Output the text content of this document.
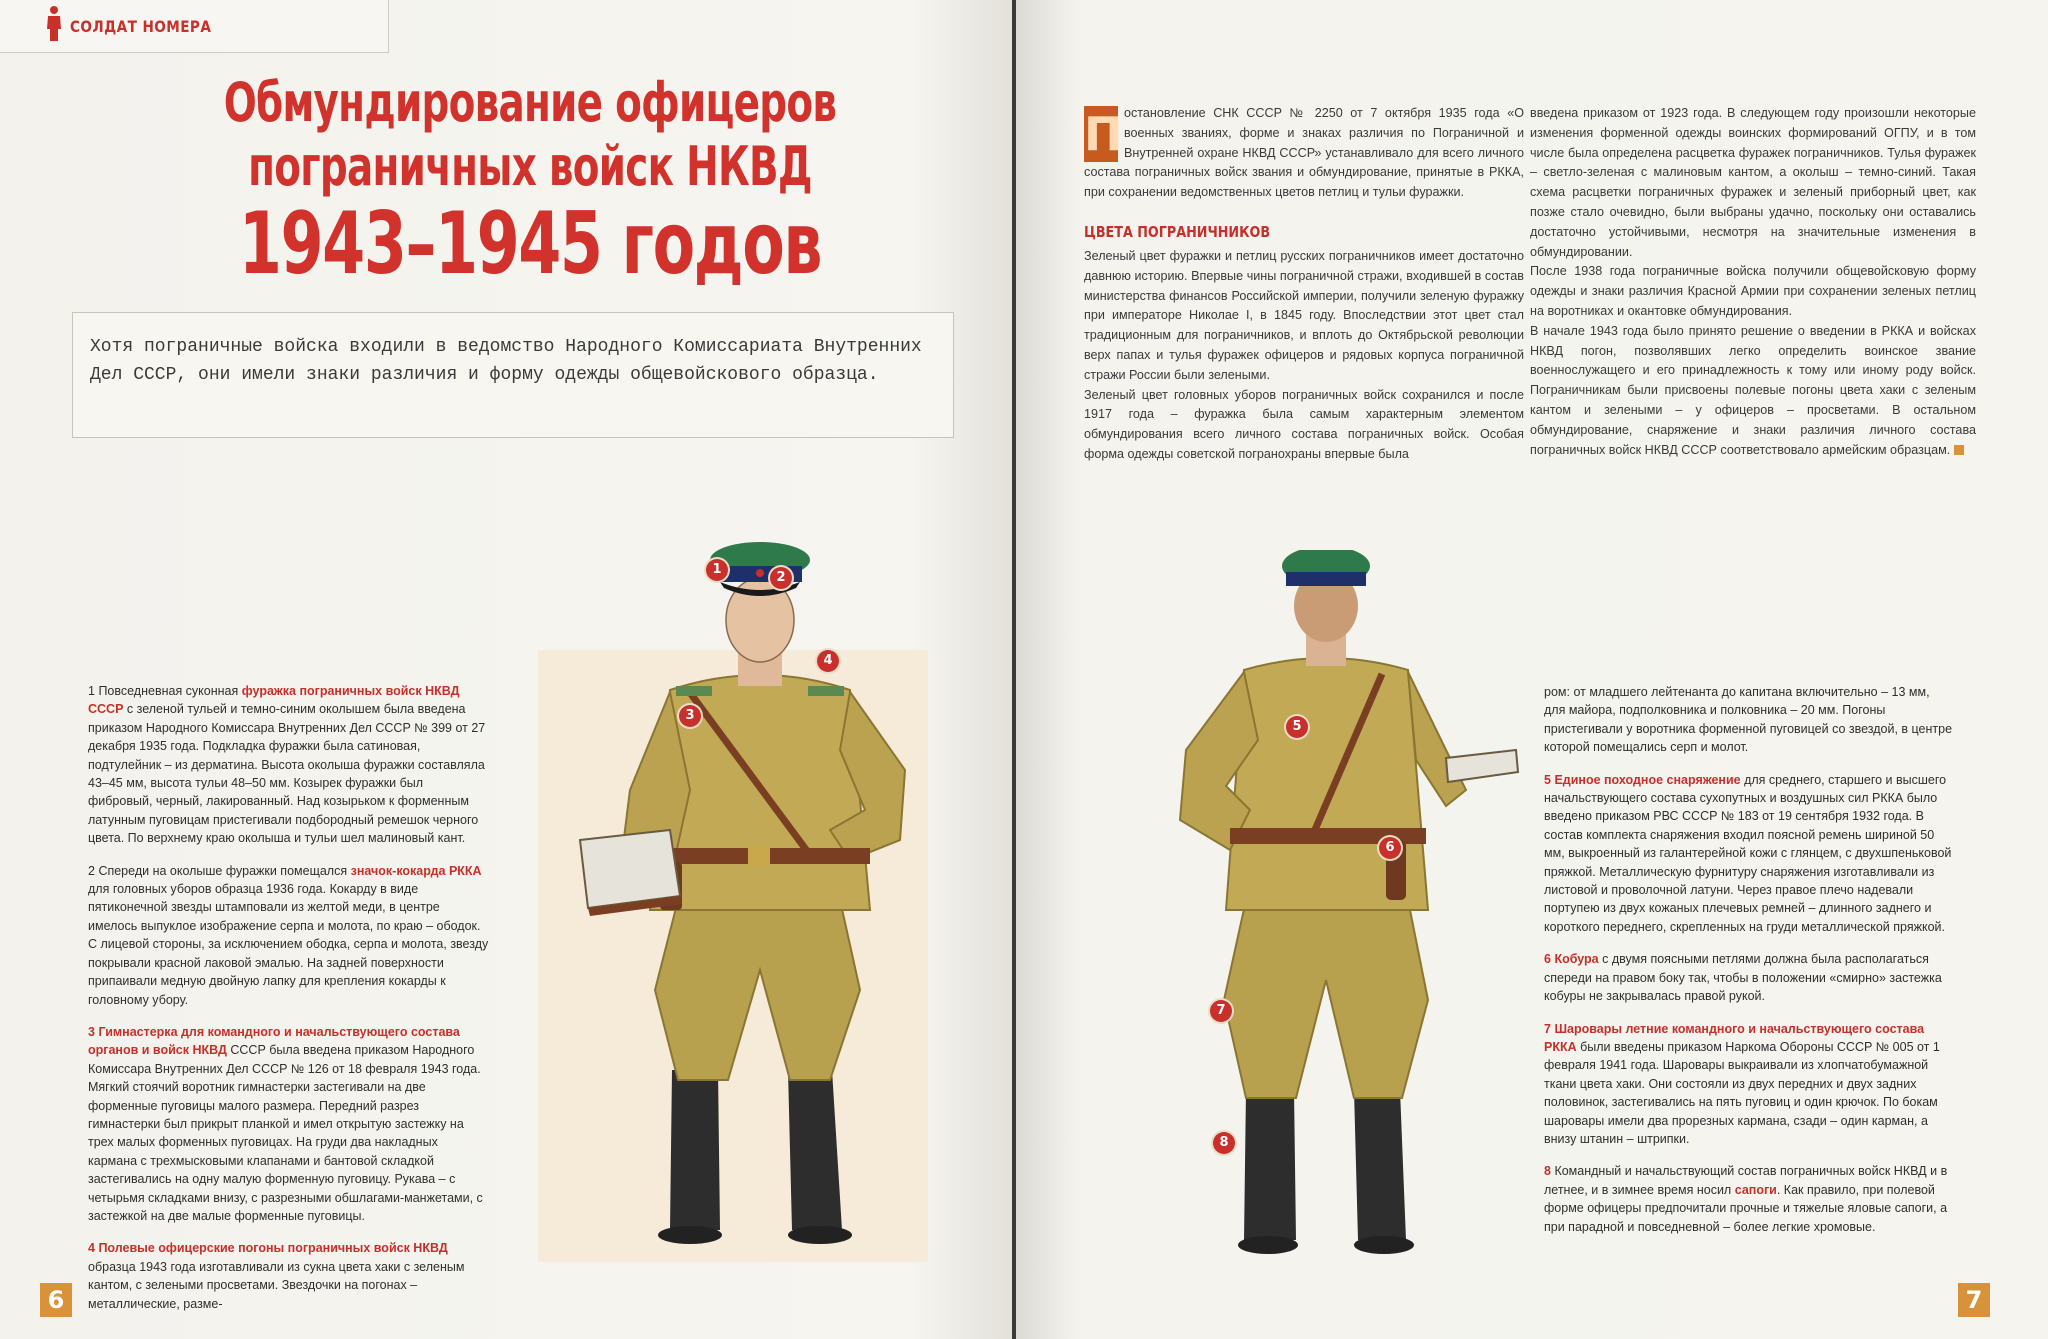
СОЛДАТ НОМЕРА
Обмундирование офицеров
пограничных войск НКВД
1943–1945 годов

Хотя пограничные войска входили в ведомство Народного Комиссариата Внутренних Дел СССР, они имели знаки различия и форму одежды общевойскового образца.

1
2
3
4

1 Повседневная суконная фуражка пограничных войск НКВД СССР с зеленой тульей и темно-синим околышем была введена приказом Народного Комиссара Внутренних Дел СССР № 399 от 27 декабря 1935 года. Подкладка фуражки была сатиновая, подтулейник – из дерматина. Высота околыша фуражки составляла 43–45 мм, высота тульи 48–50 мм. Козырек фуражки был фибровый, черный, лакированный. Над козырьком к форменным латунным пуговицам пристегивали подбородный ремешок черного цвета. По верхнему краю околыша и тульи шел малиновый кант.

2 Спереди на околыше фуражки помещался значок-кокарда РККА для головных уборов образца 1936 года. Кокарду в виде пятиконечной звезды штамповали из желтой меди, в центре имелось выпуклое изображение серпа и молота, по краю – ободок. С лицевой стороны, за исключением ободка, серпа и молота, звезду покрывали красной лаковой эмалью. На задней поверхности припаивали медную двойную лапку для крепления кокарды к головному убору.

3 Гимнастерка для командного и начальствующего состава органов и войск НКВД СССР была введена приказом Народного Комиссара Внутренних Дел СССР № 126 от 18 февраля 1943 года. Мягкий стоячий воротник гимнастерки застегивали на две форменные пуговицы малого размера. Передний разрез гимнастерки был прикрыт планкой и имел открытую застежку на трех малых форменных пуговицах. На груди два накладных кармана с трехмысковыми клапанами и бантовой складкой застегивались на одну малую форменную пуговицу. Рукава – с четырьмя складками внизу, с разрезными обшлагами-манжетами, с застежкой на две малые форменные пуговицы.

4 Полевые офицерские погоны пограничных войск НКВД образца 1943 года изготавливали из сукна цвета хаки с зеленым кантом, с зелеными просветами. Звездочки на погонах – металлические, разме-

6

П остановление СНК СССР № 2250 от 7 октября 1935 года «О военных званиях, форме и знаках различия по Пограничной и Внутренней охране НКВД СССР» устанавливало для всего личного состава пограничных войск звания и обмундирование, принятые в РККА, при сохранении ведомственных цветов петлиц и тульи фуражки.

ЦВЕТА ПОГРАНИЧНИКОВ

Зеленый цвет фуражки и петлиц русских пограничников имеет достаточно давнюю историю. Впервые чины пограничной стражи, входившей в состав министерства финансов Российской империи, получили зеленую фуражку при императоре Николае I, в 1845 году. Впоследствии этот цвет стал традиционным для пограничников, и вплоть до Октябрьской революции верх папах и тулья фуражек офицеров и рядовых корпуса пограничной стражи России были зелеными.

Зеленый цвет головных уборов пограничных войск сохранился и после 1917 года – фуражка была самым характерным элементом обмундирования всего личного состава пограничных войск. Особая форма одежды советской погранохраны впервые была

введена приказом от 1923 года. В следующем году произошли некоторые изменения форменной одежды воинских формирований ОГПУ, и в том числе была определена расцветка фуражек пограничников. Тулья фуражек – светло-зеленая с малиновым кантом, а околыш – темно-синий. Такая схема расцветки пограничных фуражек и зеленый приборный цвет, как позже стало очевидно, были выбраны удачно, поскольку они оставались достаточно устойчивыми, несмотря на значительные изменения в обмундировании.

После 1938 года пограничные войска получили общевойсковую форму одежды и знаки различия Красной Армии при сохранении зеленых петлиц на воротниках и окантовке обмундирования.

В начале 1943 года было принято решение о введении в РККА и войсках НКВД погон, позволявших легко определить воинское звание военнослужащего и его принадлежность к тому или иному роду войск. Пограничникам были присвоены полевые погоны цвета хаки с зеленым кантом и зелеными – у офицеров – просветами. В остальном обмундирование, снаряжение и знаки различия личного состава пограничных войск НКВД СССР соответствовало армейским образцам.

5
6
7
8

ром: от младшего лейтенанта до капитана включительно – 13 мм, для майора, подполковника и полковника – 20 мм. Погоны пристегивали у воротника форменной пуговицей со звездой, в центре которой помещались серп и молот.

5 Единое походное снаряжение для среднего, старшего и высшего начальствующего состава сухопутных и воздушных сил РККА было введено приказом РВС СССР № 183 от 19 сентября 1932 года. В состав комплекта снаряжения входил поясной ремень шириной 50 мм, выкроенный из галантерейной кожи с глянцем, с двухшпеньковой пряжкой. Металлическую фурнитуру снаряжения изготавливали из листовой и проволочной латуни. Через правое плечо надевали портупею из двух кожаных плечевых ремней – длинного заднего и короткого переднего, скрепленных на груди металлической пряжкой.

6 Кобура с двумя поясными петлями должна была располагаться спереди на правом боку так, чтобы в положении «смирно» застежка кобуры не закрывалась правой рукой.

7 Шаровары летние командного и начальствующего состава РККА были введены приказом Наркома Обороны СССР № 005 от 1 февраля 1941 года. Шаровары выкраивали из хлопчатобумажной ткани цвета хаки. Они состояли из двух передних и двух задних половинок, застегивались на пять пуговиц и один крючок. По бокам шаровары имели два прорезных кармана, сзади – один карман, а внизу штанин – штрипки.

8 Командный и начальствующий состав пограничных войск НКВД и в летнее, и в зимнее время носил сапоги. Как правило, при полевой форме офицеры предпочитали прочные и тяжелые яловые сапоги, а при парадной и повседневной – более легкие хромовые.

7
